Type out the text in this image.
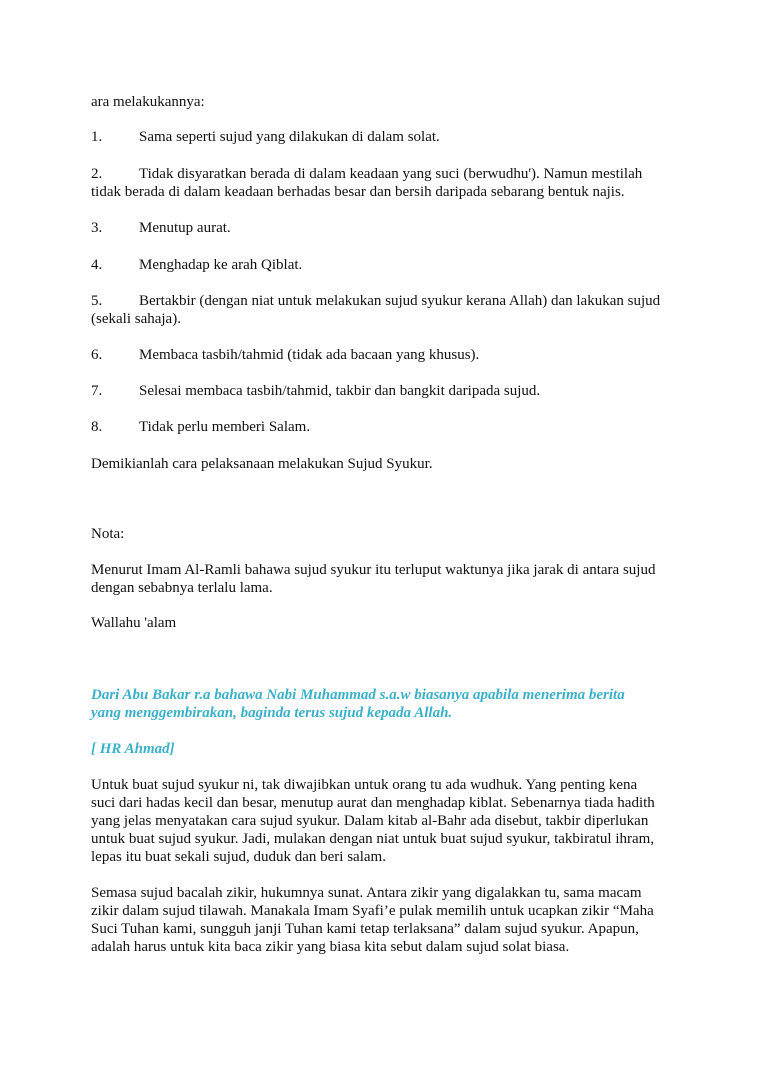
ara melakukannya:
1. Sama seperti sujud yang dilakukan di dalam solat.
2. Tidak disyaratkan berada di dalam keadaan yang suci (berwudhu'). Namun mestilah
tidak berada di dalam keadaan berhadas besar dan bersih daripada sebarang bentuk najis.
3. Menutup aurat.
4. Menghadap ke arah Qiblat.
5. Bertakbir (dengan niat untuk melakukan sujud syukur kerana Allah) dan lakukan sujud
(sekali sahaja).
6. Membaca tasbih/tahmid (tidak ada bacaan yang khusus).
7. Selesai membaca tasbih/tahmid, takbir dan bangkit daripada sujud.
8. Tidak perlu memberi Salam.
Demikianlah cara pelaksanaan melakukan Sujud Syukur.
Nota:
Menurut Imam Al-Ramli bahawa sujud syukur itu terluput waktunya jika jarak di antara sujud
dengan sebabnya terlalu lama.
Wallahu 'alam
Dari Abu Bakar r.a bahawa Nabi Muhammad s.a.w biasanya apabila menerima berita
yang menggembirakan, baginda terus sujud kepada Allah.
[ HR Ahmad]
Untuk buat sujud syukur ni, tak diwajibkan untuk orang tu ada wudhuk. Yang penting kena
suci dari hadas kecil dan besar, menutup aurat dan menghadap kiblat. Sebenarnya tiada hadith
yang jelas menyatakan cara sujud syukur. Dalam kitab al-Bahr ada disebut, takbir diperlukan
untuk buat sujud syukur. Jadi, mulakan dengan niat untuk buat sujud syukur, takbiratul ihram,
lepas itu buat sekali sujud, duduk dan beri salam.
Semasa sujud bacalah zikir, hukumnya sunat. Antara zikir yang digalakkan tu, sama macam
zikir dalam sujud tilawah. Manakala Imam Syafi’e pulak memilih untuk ucapkan zikir “Maha
Suci Tuhan kami, sungguh janji Tuhan kami tetap terlaksana” dalam sujud syukur. Apapun,
adalah harus untuk kita baca zikir yang biasa kita sebut dalam sujud solat biasa.
